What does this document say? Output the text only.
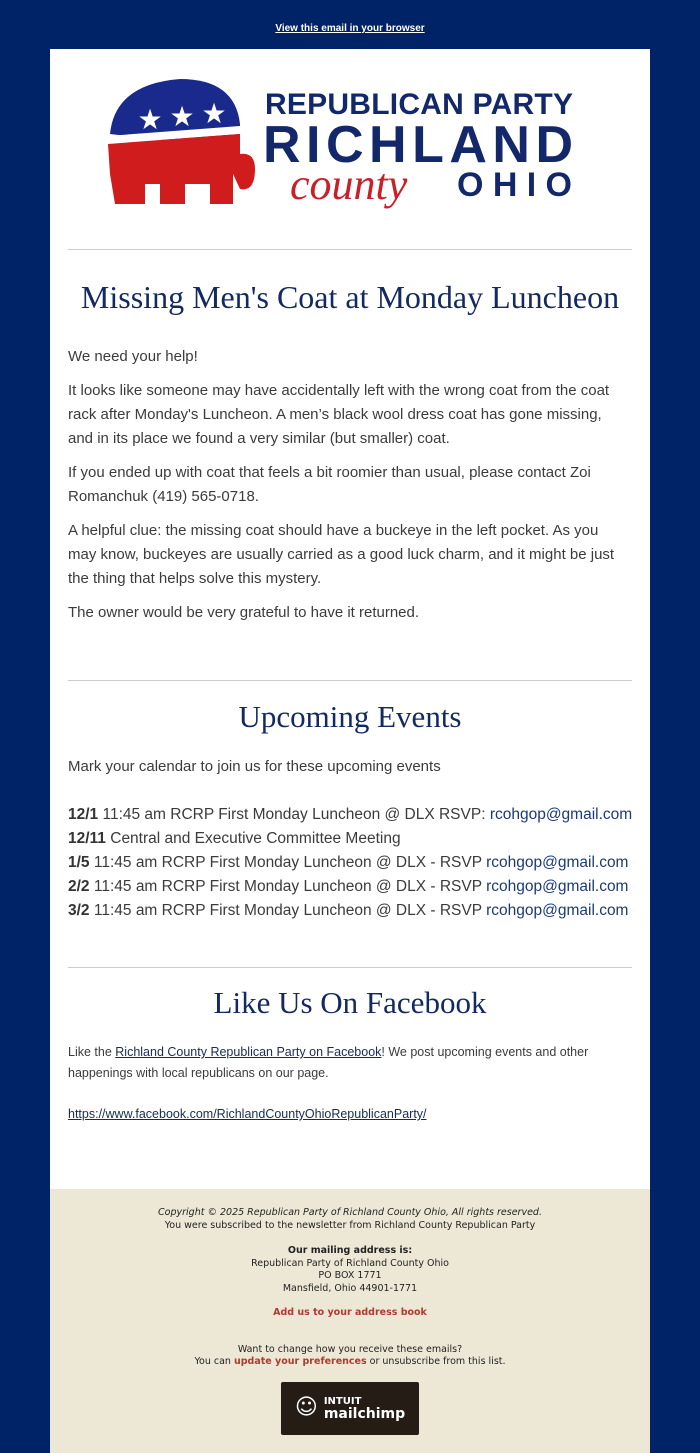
View this email in your browser
★ ★ ★ REPUBLICAN PARTY
RICHLAND
county OHIO
Missing Men's Coat at Monday Luncheon
We need your help!
It looks like someone may have accidentally left with the wrong coat from the coat rack after Monday's Luncheon. A men’s black wool dress coat has gone missing, and in its place we found a very similar (but smaller) coat.
If you ended up with coat that feels a bit roomier than usual, please contact Zoi Romanchuk (419) 565-0718.
A helpful clue: the missing coat should have a buckeye in the left pocket. As you may know, buckeyes are usually carried as a good luck charm, and it might be just the thing that helps solve this mystery.
The owner would be very grateful to have it returned.
Upcoming Events
Mark your calendar to join us for these upcoming events
12/1 11:45 am RCRP First Monday Luncheon @ DLX RSVP: rcohgop@gmail.com
12/11 Central and Executive Committee Meeting
1/5 11:45 am RCRP First Monday Luncheon @ DLX - RSVP rcohgop@gmail.com
2/2 11:45 am RCRP First Monday Luncheon @ DLX - RSVP rcohgop@gmail.com
3/2 11:45 am RCRP First Monday Luncheon @ DLX - RSVP rcohgop@gmail.com
Like Us On Facebook
Like the Richland County Republican Party on Facebook! We post upcoming events and other happenings with local republicans on our page.
https://www.facebook.com/RichlandCountyOhioRepublicanParty/
Copyright © 2025 Republican Party of Richland County Ohio, All rights reserved.
You were subscribed to the newsletter from Richland County Republican Party
Our mailing address is:
Republican Party of Richland County Ohio
PO BOX 1771
Mansfield, Ohio 44901-1771
Add us to your address book
Want to change how you receive these emails?
You can update your preferences or unsubscribe from this list.
☺ INTUIT
mailchimp
